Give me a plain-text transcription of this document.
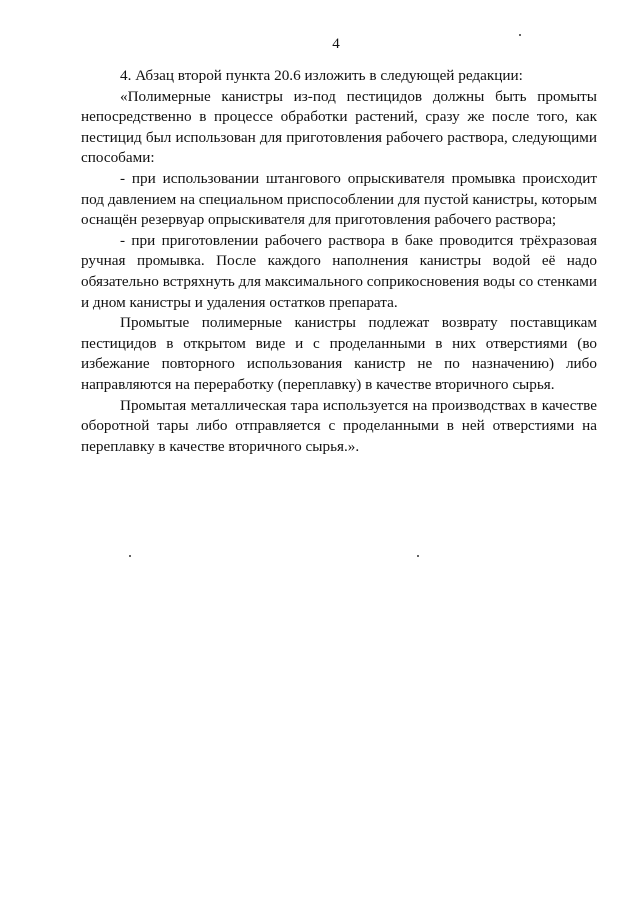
4

4. Абзац второй пункта 20.6 изложить в следующей редакции:

«Полимерные канистры из-под пестицидов должны быть промыты непосредственно в процессе обработки растений, сразу же после того, как пестицид был использован для приготовления рабочего раствора, следующими способами:

- при использовании штангового опрыскивателя промывка происходит под давлением на специальном приспособлении для пустой канистры, которым оснащён резервуар опрыскивателя для приготовления рабочего раствора;

- при приготовлении рабочего раствора в баке проводится трёхразовая ручная промывка. После каждого наполнения канистры водой её надо обязательно встряхнуть для максимального соприкосновения воды со стенками и дном канистры и удаления остатков препарата.

Промытые полимерные канистры подлежат возврату поставщикам пестицидов в открытом виде и с проделанными в них отверстиями (во избежание повторного использования канистр не по назначению) либо направляются на переработку (переплавку) в качестве вторичного сырья.

Промытая металлическая тара используется на производствах в качестве оборотной тары либо отправляется с проделанными в ней отверстиями на переплавку в качестве вторичного сырья.».
